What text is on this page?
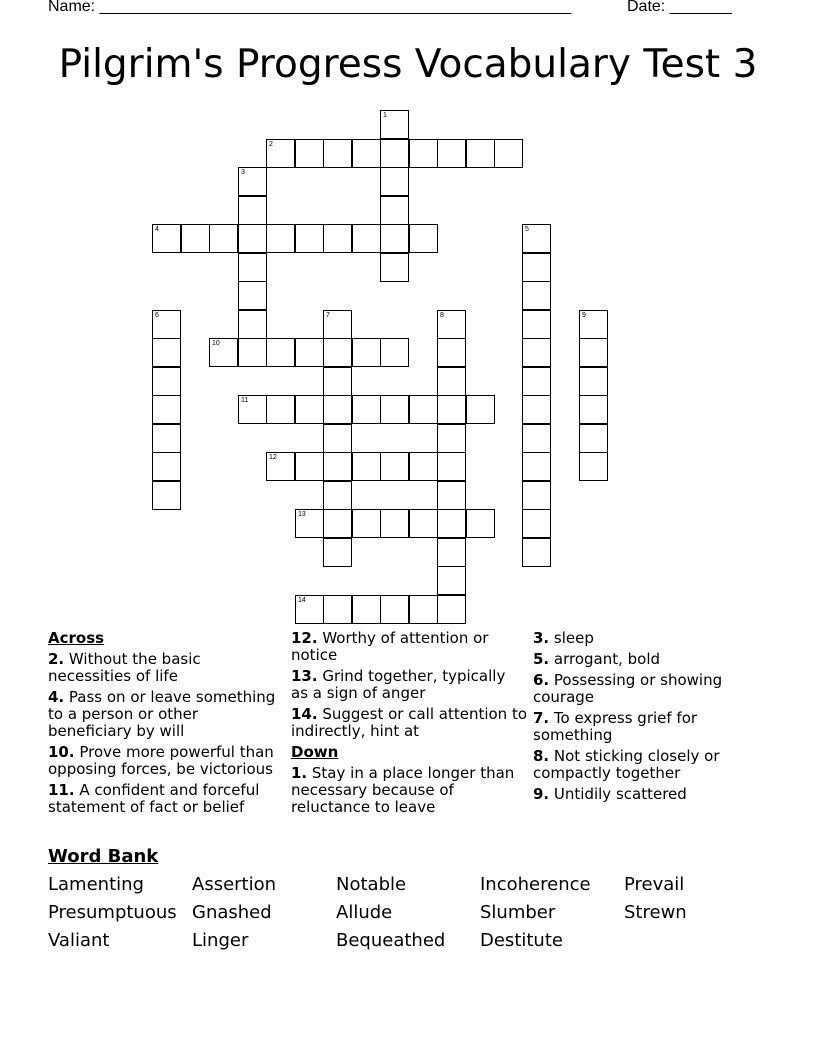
Name: _____________________________________________________	Date: _______
Pilgrim's Progress Vocabulary Test 3
1
2
3
4	5
6	7	8	9
10
11
12
13
14
Across
2. Without the basic necessities of life
4. Pass on or leave something to a person or other beneficiary by will
10. Prove more powerful than opposing forces, be victorious
11. A confident and forceful statement of fact or belief
12. Worthy of attention or notice
13. Grind together, typically as a sign of anger
14. Suggest or call attention to indirectly, hint at
Down
1. Stay in a place longer than necessary because of reluctance to leave
3. sleep
5. arrogant, bold
6. Possessing or showing courage
7. To express grief for something
8. Not sticking closely or compactly together
9. Untidily scattered
Word Bank
Lamenting	Assertion	Notable	Incoherence Prevail
Presumptuous Gnashed	Allude	Slumber	Strewn
Valiant	Linger	Bequeathed Destitute
